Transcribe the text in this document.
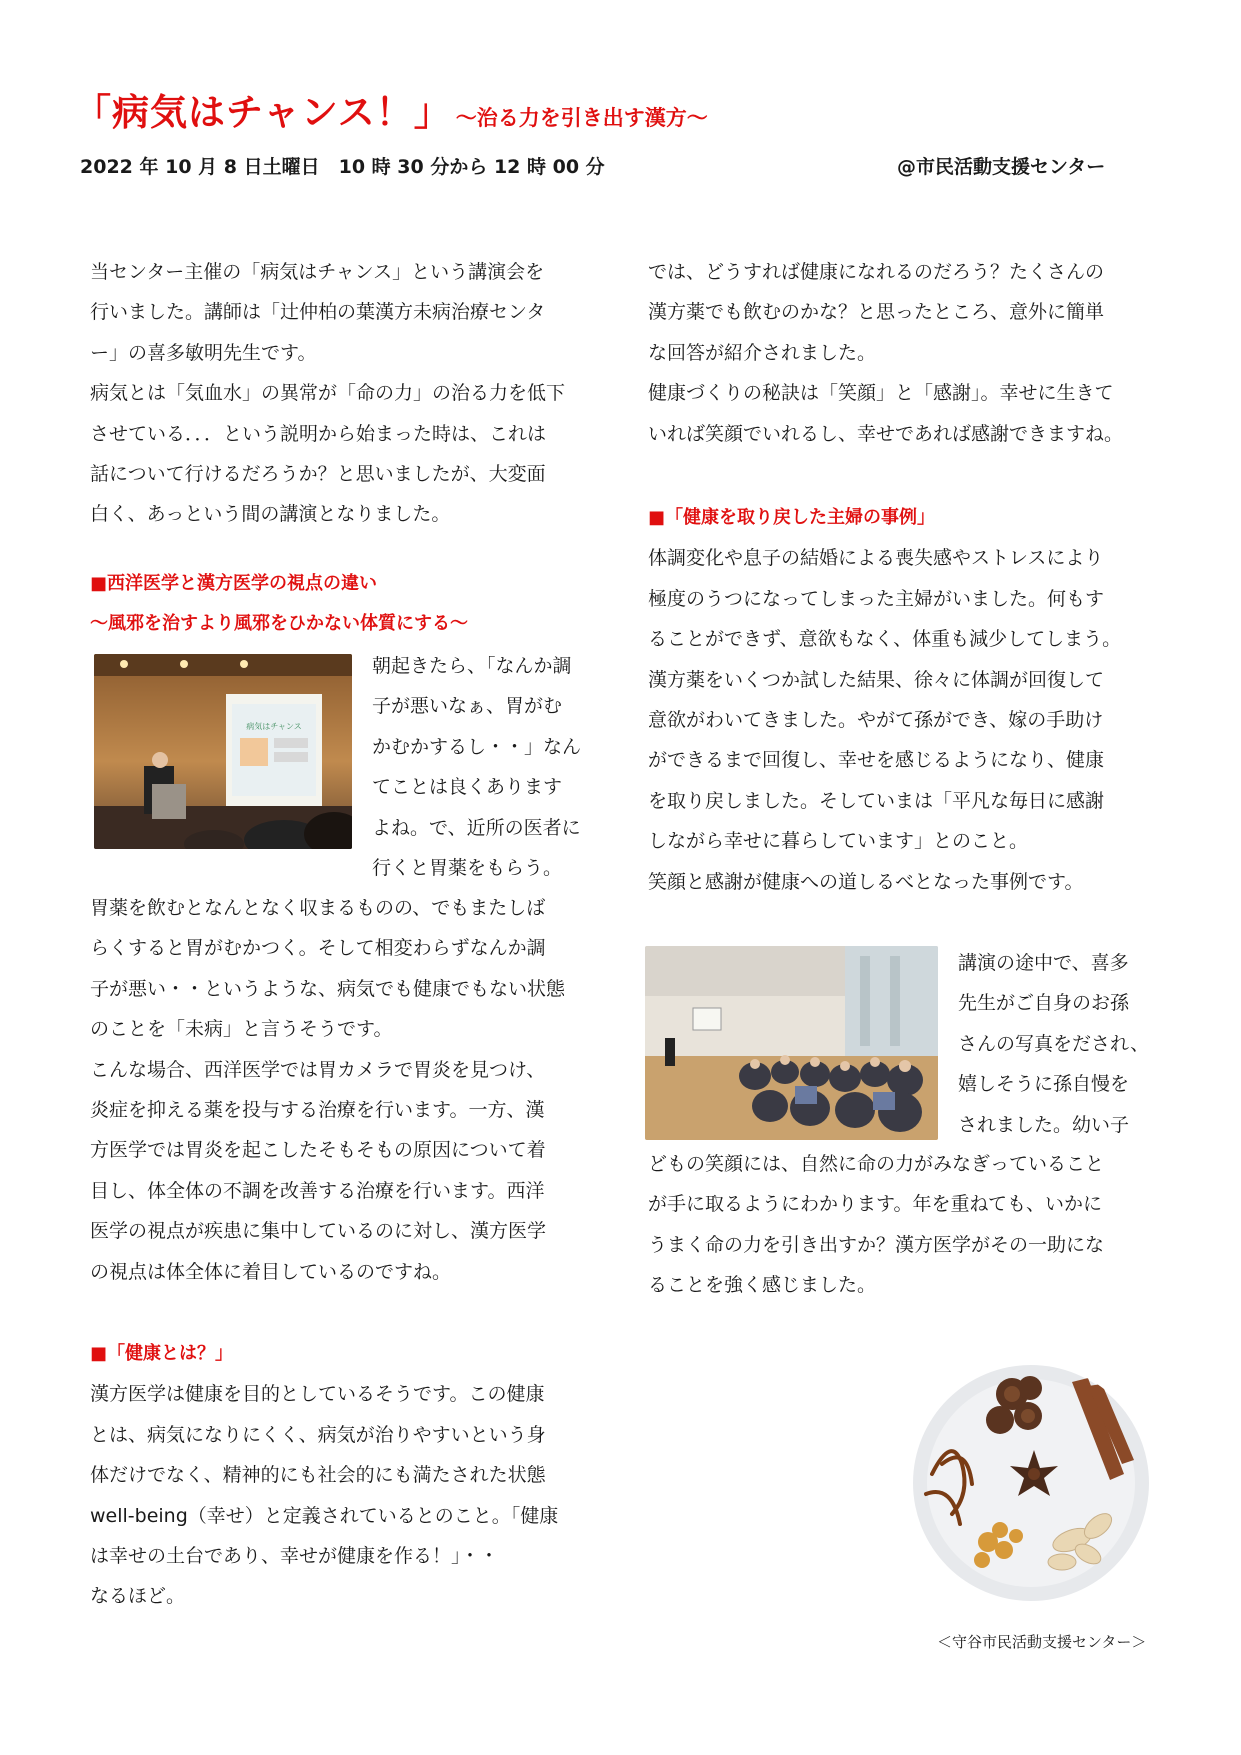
「病気はチャンス！」 ～治る力を引き出す漢方～
2022 年 10 月 8 日土曜日　10 時 30 分から 12 時 00 分	@市民活動支援センター

当センター主催の「病気はチャンス」という講演会を

行いました。講師は「辻仲柏の葉漢方未病治療センタ

ー」の喜多敏明先生です。

病気とは「気血水」の異常が「命の力」の治る力を低下

させている．．．という説明から始まった時は、これは

話について行けるだろうか？と思いましたが、大変面

白く、あっという間の講演となりました。

■西洋医学と漢方医学の視点の違い

～風邪を治すより風邪をひかない体質にする～

病気はチャンス

朝起きたら、「なんか調

子が悪いなぁ、胃がむ

かむかするし・・」なん

てことは良くあります

よね。で、近所の医者に

行くと胃薬をもらう。

胃薬を飲むとなんとなく収まるものの、でもまたしば

らくすると胃がむかつく。そして相変わらずなんか調

子が悪い・・というような、病気でも健康でもない状態

のことを「未病」と言うそうです。

こんな場合、西洋医学では胃カメラで胃炎を見つけ、

炎症を抑える薬を投与する治療を行います。一方、漢

方医学では胃炎を起こしたそもそもの原因について着

目し、体全体の不調を改善する治療を行います。西洋

医学の視点が疾患に集中しているのに対し、漢方医学

の視点は体全体に着目しているのですね。

■「健康とは？」

漢方医学は健康を目的としているそうです。この健康

とは、病気になりにくく、病気が治りやすいという身

体だけでなく、精神的にも社会的にも満たされた状態

well-being（幸せ）と定義されているとのこと。「健康

は幸せの土台であり、幸せが健康を作る！」・・

なるほど。

では、どうすれば健康になれるのだろう？たくさんの

漢方薬でも飲むのかな？と思ったところ、意外に簡単

な回答が紹介されました。

健康づくりの秘訣は「笑顔」と「感謝」。幸せに生きて

いれば笑顔でいれるし、幸せであれば感謝できますね。

■「健康を取り戻した主婦の事例」

体調変化や息子の結婚による喪失感やストレスにより

極度のうつになってしまった主婦がいました。何もす

ることができず、意欲もなく、体重も減少してしまう。

漢方薬をいくつか試した結果、徐々に体調が回復して

意欲がわいてきました。やがて孫ができ、嫁の手助け

ができるまで回復し、幸せを感じるようになり、健康

を取り戻しました。そしていまは「平凡な毎日に感謝

しながら幸せに暮らしています」とのこと。

笑顔と感謝が健康への道しるべとなった事例です。

講演の途中で、喜多

先生がご自身のお孫

さんの写真をだされ、

嬉しそうに孫自慢を

されました。幼い子

どもの笑顔には、自然に命の力がみなぎっていること

が手に取るようにわかります。年を重ねても、いかに

うまく命の力を引き出すか？漢方医学がその一助にな

ることを強く感じました。

＜守谷市民活動支援センター＞
